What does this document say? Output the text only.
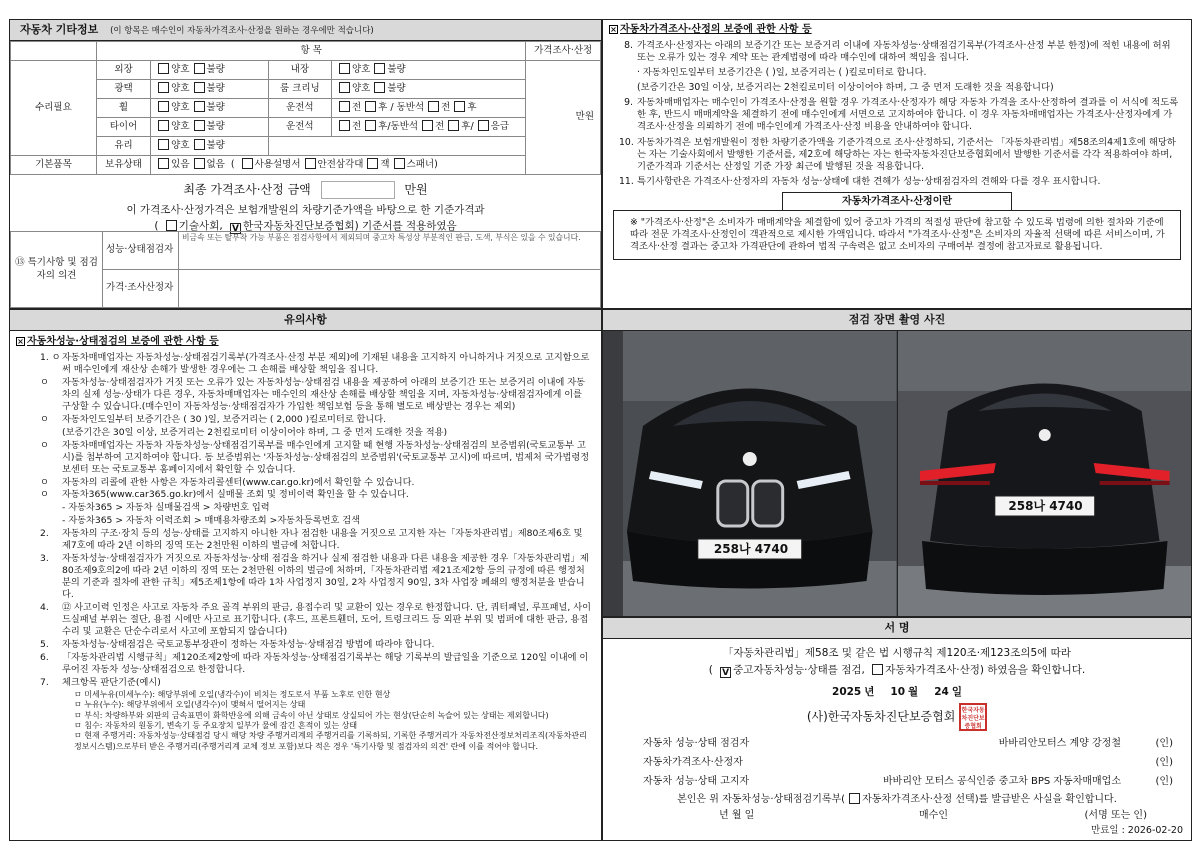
자동차 기타정보 (이 항목은 매수인이 자동차가격조사·산정을 원하는 경우에만 적습니다)
	항 목				가격조사·산정
수리필요	외장	양호 불량	내장	양호 불량	만원
	광택	양호 불량	룸 크리닝	양호 불량	
	휠	양호 불량	운전석	전 후 / 동반석 전 후	
	타이어	양호 불량	운전석	전 후/동반석 전 후/ 응급	
	유리	양호 불량			
기본품목	보유상태	있음 없음  ( 사용설명서 안전삼각대 잭 스패너)			
최종 가격조사·산정 금액	만원
이 가격조사·산정가격은 보험개발원의 차량기준가액을 바탕으로 한 기준가격과
( 기술사회, V 한국자동차진단보증협회) 기준서를 적용하였음
⑬ 특기사항 및 점검자의 의견	성능·상태점검자	비금속 또는 탈부착 가능 부품은 점검사항에서 제외되며 중고차 특성상 부분적인 판금, 도색, 부식은 있을 수 있습니다.
	가격·조사산정자	
× 자동차가격조사·산정의 보증에 관한 사항 등
8. 가격조사·산정자는 아래의 보증기간 또는 보증거리 이내에 자동차성능·상태점검기록부(가격조사·산정 부분 한정)에 적힌 내용에 허위 또는 오류가 있는 경우 계약 또는 관계법령에 따라 매수인에 대하여 책임을 집니다.
· 자동차인도일부터 보증기간은 ( )일, 보증거리는 ( )킬로미터로 합니다.
(보증기간은 30일 이상, 보증거리는 2천킬로미터 이상이어야 하며, 그 중 먼저 도래한 것을 적용합니다)
9. 자동차매매업자는 매수인이 가격조사·산정을 원할 경우 가격조사·산정자가 해당 자동차 가격을 조사·산정하여 결과를 이 서식에 적도록 한 후, 반드시 매매계약을 체결하기 전에 매수인에게 서면으로 고지하여야 합니다. 이 경우 자동차매매업자는 가격조사·산정자에게 가격조사·산정을 의뢰하기 전에 매수인에게 가격조사·산정 비용을 안내하여야 합니다.
10. 자동차가격은 보험개발원이 정한 차량기준가액을 기준가격으로 조사·산정하되, 기준서는 「자동차관리법」제58조의4제1호에 해당하는 자는 기술사회에서 발행한 기준서를, 제2호에 해당하는 자는 한국자동차진단보증협회에서 발행한 기준서를 각각 적용하여야 하며, 기준가격과 기준서는 산정일 기준 가장 최근에 발행된 것을 적용합니다.
11. 특기사항란은 가격조사·산정자의 자동차 성능·상태에 대한 견해가 성능·상태점검자의 견해와 다를 경우 표시합니다.
자동차가격조사·산정이란
※ "가격조사·산정"은 소비자가 매매계약을 체결함에 있어 중고차 가격의 적절성 판단에 참고할 수 있도록 법령에 의한 절차와 기준에 따라 전문 가격조사·산정인이 객관적으로 제시한 가액입니다. 따라서 "가격조사·산정"은 소비자의 자율적 선택에 따른 서비스이며, 가격조사·산정 결과는 중고차 가격판단에 관하여 법적 구속력은 없고 소비자의 구매여부 결정에 참고자료로 활용됩니다.
유의사항
× 자동차성능·상태점검의 보증에 관한 사항 등
1. ㅇ 자동차매매업자는 자동차성능·상태점검기록부(가격조사·산정 부분 제외)에 기재된 내용을 고지하지 아니하거나 거짓으로 고지함으로써 매수인에게 재산상 손해가 발생한 경우에는 그 손해를 배상할 책임을 집니다.
ㅇ	자동차성능·상태점검자가 거짓 또는 오류가 있는 자동차성능·상태점검 내용을 제공하여 아래의 보증기간 또는 보증거리 이내에 자동차의 실제 성능·상태가 다른 경우, 자동차매매업자는 매수인의 재산상 손해를 배상할 책임을 지며, 자동차성능·상태점검자에게 이를 구상할 수 있습니다.(매수인이 자동차성능·상태점검자가 가입한 책임보험 등을 통해 별도로 배상받는 경우는 제외)
ㅇ	자동차인도일부터 보증기간은 ( 30 )일, 보증거리는 ( 2,000 )킬로미터로 합니다.
(보증기간은 30일 이상, 보증거리는 2천킬로미터 이상이어야 하며, 그 중 먼저 도래한 것을 적용)
ㅇ	자동차매매업자는 자동차 자동차성능·상태점검기록부를 매수인에게 고지할 때 현행 자동차성능·상태점검의 보증범위(국토교통부 고시)를 첨부하여 고지하여야 합니다. 동 보증범위는 '자동차성능·상태점검의 보증범위'(국토교통부 고시)에 따르며, 법제처 국가법령정보센터 또는 국토교통부 홈페이지에서 확인할 수 있습니다.
ㅇ	자동차의 리콜에 관한 사항은 자동차리콜센터(www.car.go.kr)에서 확인할 수 있습니다.
ㅇ	자동차365(www.car365.go.kr)에서 실매물 조회 및 정비이력 확인을 할 수 있습니다.
- 자동차365 > 자동차 실매물검색 > 차량번호 입력
- 자동차365 > 자동차 이력조회 > 매매용차량조회 >자동차등록번호 검색
2.	자동차의 구조·장치 등의 성능·상태를 고지하지 아니한 자나 점검한 내용을 거짓으로 고지한 자는「자동차관리법」제80조제6호 및 제7호에 따라 2년 이하의 징역 또는 2천만원 이하의 벌금에 처합니다.
3.	자동차성능·상태점검자가 거짓으로 자동차성능·상태 점검을 하거나 실제 점검한 내용과 다른 내용을 제공한 경우「자동차관리법」제80조제9호의2에 따라 2년 이하의 징역 또는 2천만원 이하의 벌금에 처하며,「자동차관리법 제21조제2항 등의 규정에 따른 행정처분의 기준과 절차에 관한 규칙」제5조제1항에 따라 1차 사업정지 30일, 2차 사업정지 90일, 3차 사업장 폐쇄의 행정처분을 받습니다.
4.	⑫ 사고이력 인정은 사고로 자동차 주요 골격 부위의 판금, 용접수리 및 교환이 있는 경우로 한정합니다. 단, 쿼터패널, 루프패널, 사이드실패널 부위는 절단, 용접 시에만 사고로 표기합니다. (후드, 프론트휀더, 도어, 트렁크리드 등 외판 부위 및 범퍼에 대한 판금, 용접수리 및 교환은 단순수리로서 사고에 포함되지 않습니다)
5.	자동차성능·상태점검은 국토교통부장관이 정하는 자동차성능·상태점검 방법에 따라야 합니다.
6.	「자동차관리법 시행규칙」제120조제2항에 따라 자동차성능·상태점검기록부는 해당 기록부의 발급일을 기준으로 120일 이내에 이루어진 자동차 성능·상태점검으로 한정합니다.
7.	체크항목 판단기준(예시)
ㅁ 미세누유(미세누수): 해당부위에 오일(냉각수)이 비치는 정도로서 부품 노후로 인한 현상
ㅁ 누유(누수): 해당부위에서 오일(냉각수)이 맺혀서 떨어지는 상태
ㅁ 부식: 차량하부와 외판의 금속표면이 화학반응에 의해 금속이 아닌 상태로 상실되어 가는 현상(단순히 녹슬어 있는 상태는 제외합니다)
ㅁ 침수: 자동차의 원동기, 변속기 등 주요장치 일부가 물에 잠긴 흔적이 있는 상태
ㅁ 현재 주행거리: 자동차성능·상태점검 당시 해당 차량 주행거리계의 주행거리를 기록하되, 기록한 주행거리가 자동차전산정보처리조직(자동차관리정보시스템)으로부터 받은 주행거리(주행거리계 교체 정보 포함)보다 적은 경우 '특기사항 및 점검자의 의견' 란에 이를 적어야 합니다.
점검 장면 촬영 사진
258나 4740
258나 4740
서 명
「자동차관리법」제58조 및 같은 법 시행규칙 제120조·제123조의5에 따라
( V 중고자동차성능·상태를 점검, 자동차가격조사·산정) 하였음을 확인합니다.
2025 년 10 월 24 일
(사)한국자동차진단보증협회 한국자동차진단보증협회
자동차 성능·상태 점검자	바바리안모터스 계양 강정철	(인)
자동차가격조사·산정자	(인)
자동차 성능·상태 고지자	바바리안 모터스 공식인증 중고차 BPS 자동차매매업소	(인)
본인은 위 자동차성능·상태점검기록부( 자동차가격조사·산정 선택)를 발급받은 사실을 확인합니다.
년 월 일	매수인	(서명 또는 인)
만료일 : 2026-02-20
